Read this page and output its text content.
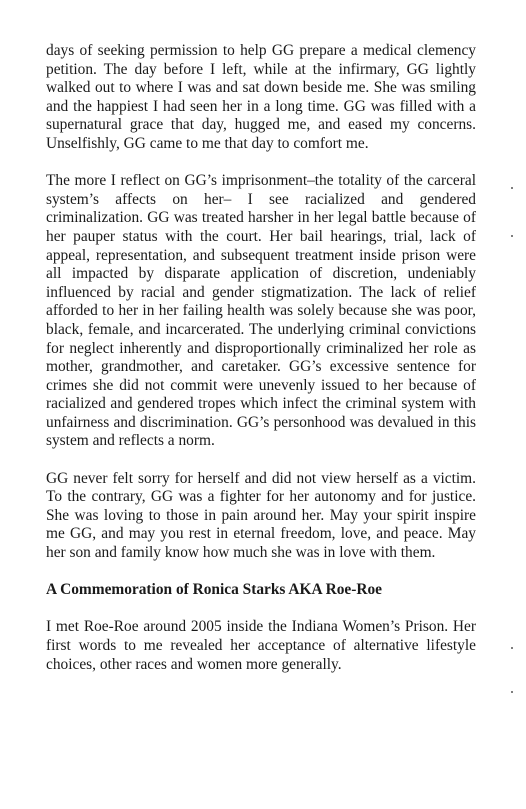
days of seeking permission to help GG prepare a medical clemency petition. The day before I left, while at the infirmary, GG lightly walked out to where I was and sat down beside me. She was smiling and the happiest I had seen her in a long time. GG was filled with a supernatural grace that day, hugged me, and eased my concerns. Unselfishly, GG came to me that day to comfort me.

The more I reflect on GG’s imprisonment–the totality of the carceral system’s affects on her– I see racialized and gendered criminalization. GG was treated harsher in her legal battle because of her pauper status with the court. Her bail hearings, trial, lack of appeal, representation, and subsequent treatment inside prison were all impacted by disparate application of discretion, undeniably influenced by racial and gender stigmatization. The lack of relief afforded to her in her failing health was solely because she was poor, black, female, and incarcerated. The underlying criminal convictions for neglect inherently and disproportionally criminalized her role as mother, grandmother, and caretaker. GG’s excessive sentence for crimes she did not commit were unevenly issued to her because of racialized and gendered tropes which infect the criminal system with unfairness and discrimination. GG’s personhood was devalued in this system and reflects a norm.

GG never felt sorry for herself and did not view herself as a victim. To the contrary, GG was a fighter for her autonomy and for justice. She was loving to those in pain around her. May your spirit inspire me GG, and may you rest in eternal freedom, love, and peace. May her son and family know how much she was in love with them.

A Commemoration of Ronica Starks AKA Roe-Roe

I met Roe-Roe around 2005 inside the Indiana Women’s Prison. Her first words to me revealed her acceptance of alternative lifestyle choices, other races and women more generally.
